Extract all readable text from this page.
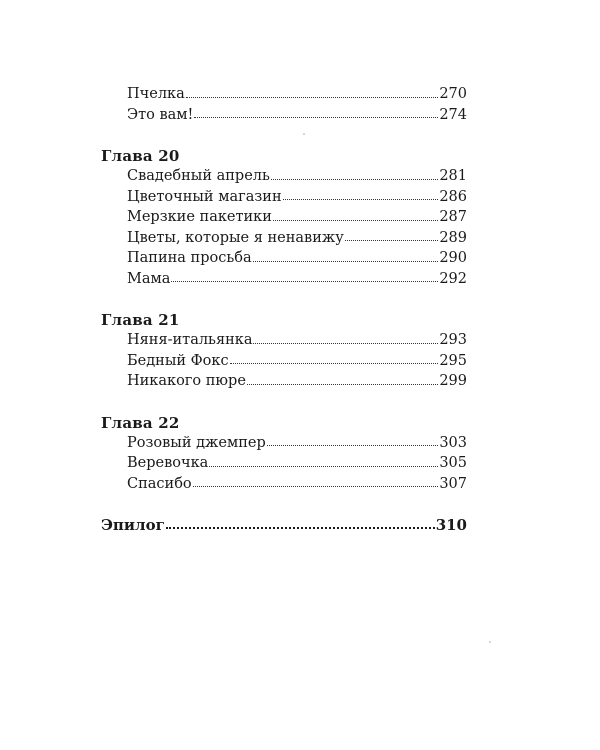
Пчелка	270
Это вам!	274
Глава 20
Свадебный апрель	281
Цветочный магазин	286
Мерзкие пакетики	287
Цветы, которые я ненавижу	289
Папина просьба	290
Мама	292
Глава 21
Няня-итальянка	293
Бедный Фокс	295
Никакого пюре	299
Глава 22
Розовый джемпер	303
Веревочка	305
Спасибо	307
Эпилог	310
